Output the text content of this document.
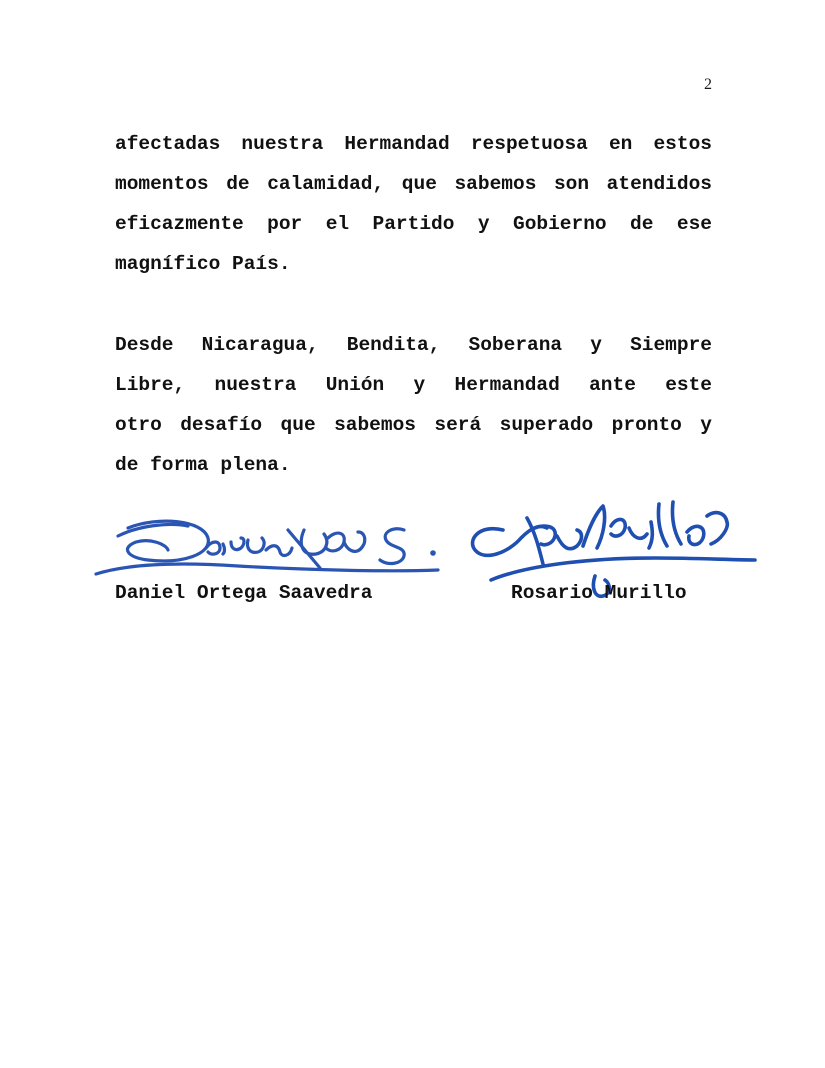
2
afectadas nuestra Hermandad respetuosa en estos
momentos de calamidad, que sabemos son atendidos
eficazmente por el Partido y Gobierno de ese
magnífico País.
Desde Nicaragua, Bendita, Soberana y Siempre
Libre, nuestra Unión y Hermandad ante este
otro desafío que sabemos será superado pronto y
de forma plena.
Daniel Ortega Saavedra	Rosario Murillo
